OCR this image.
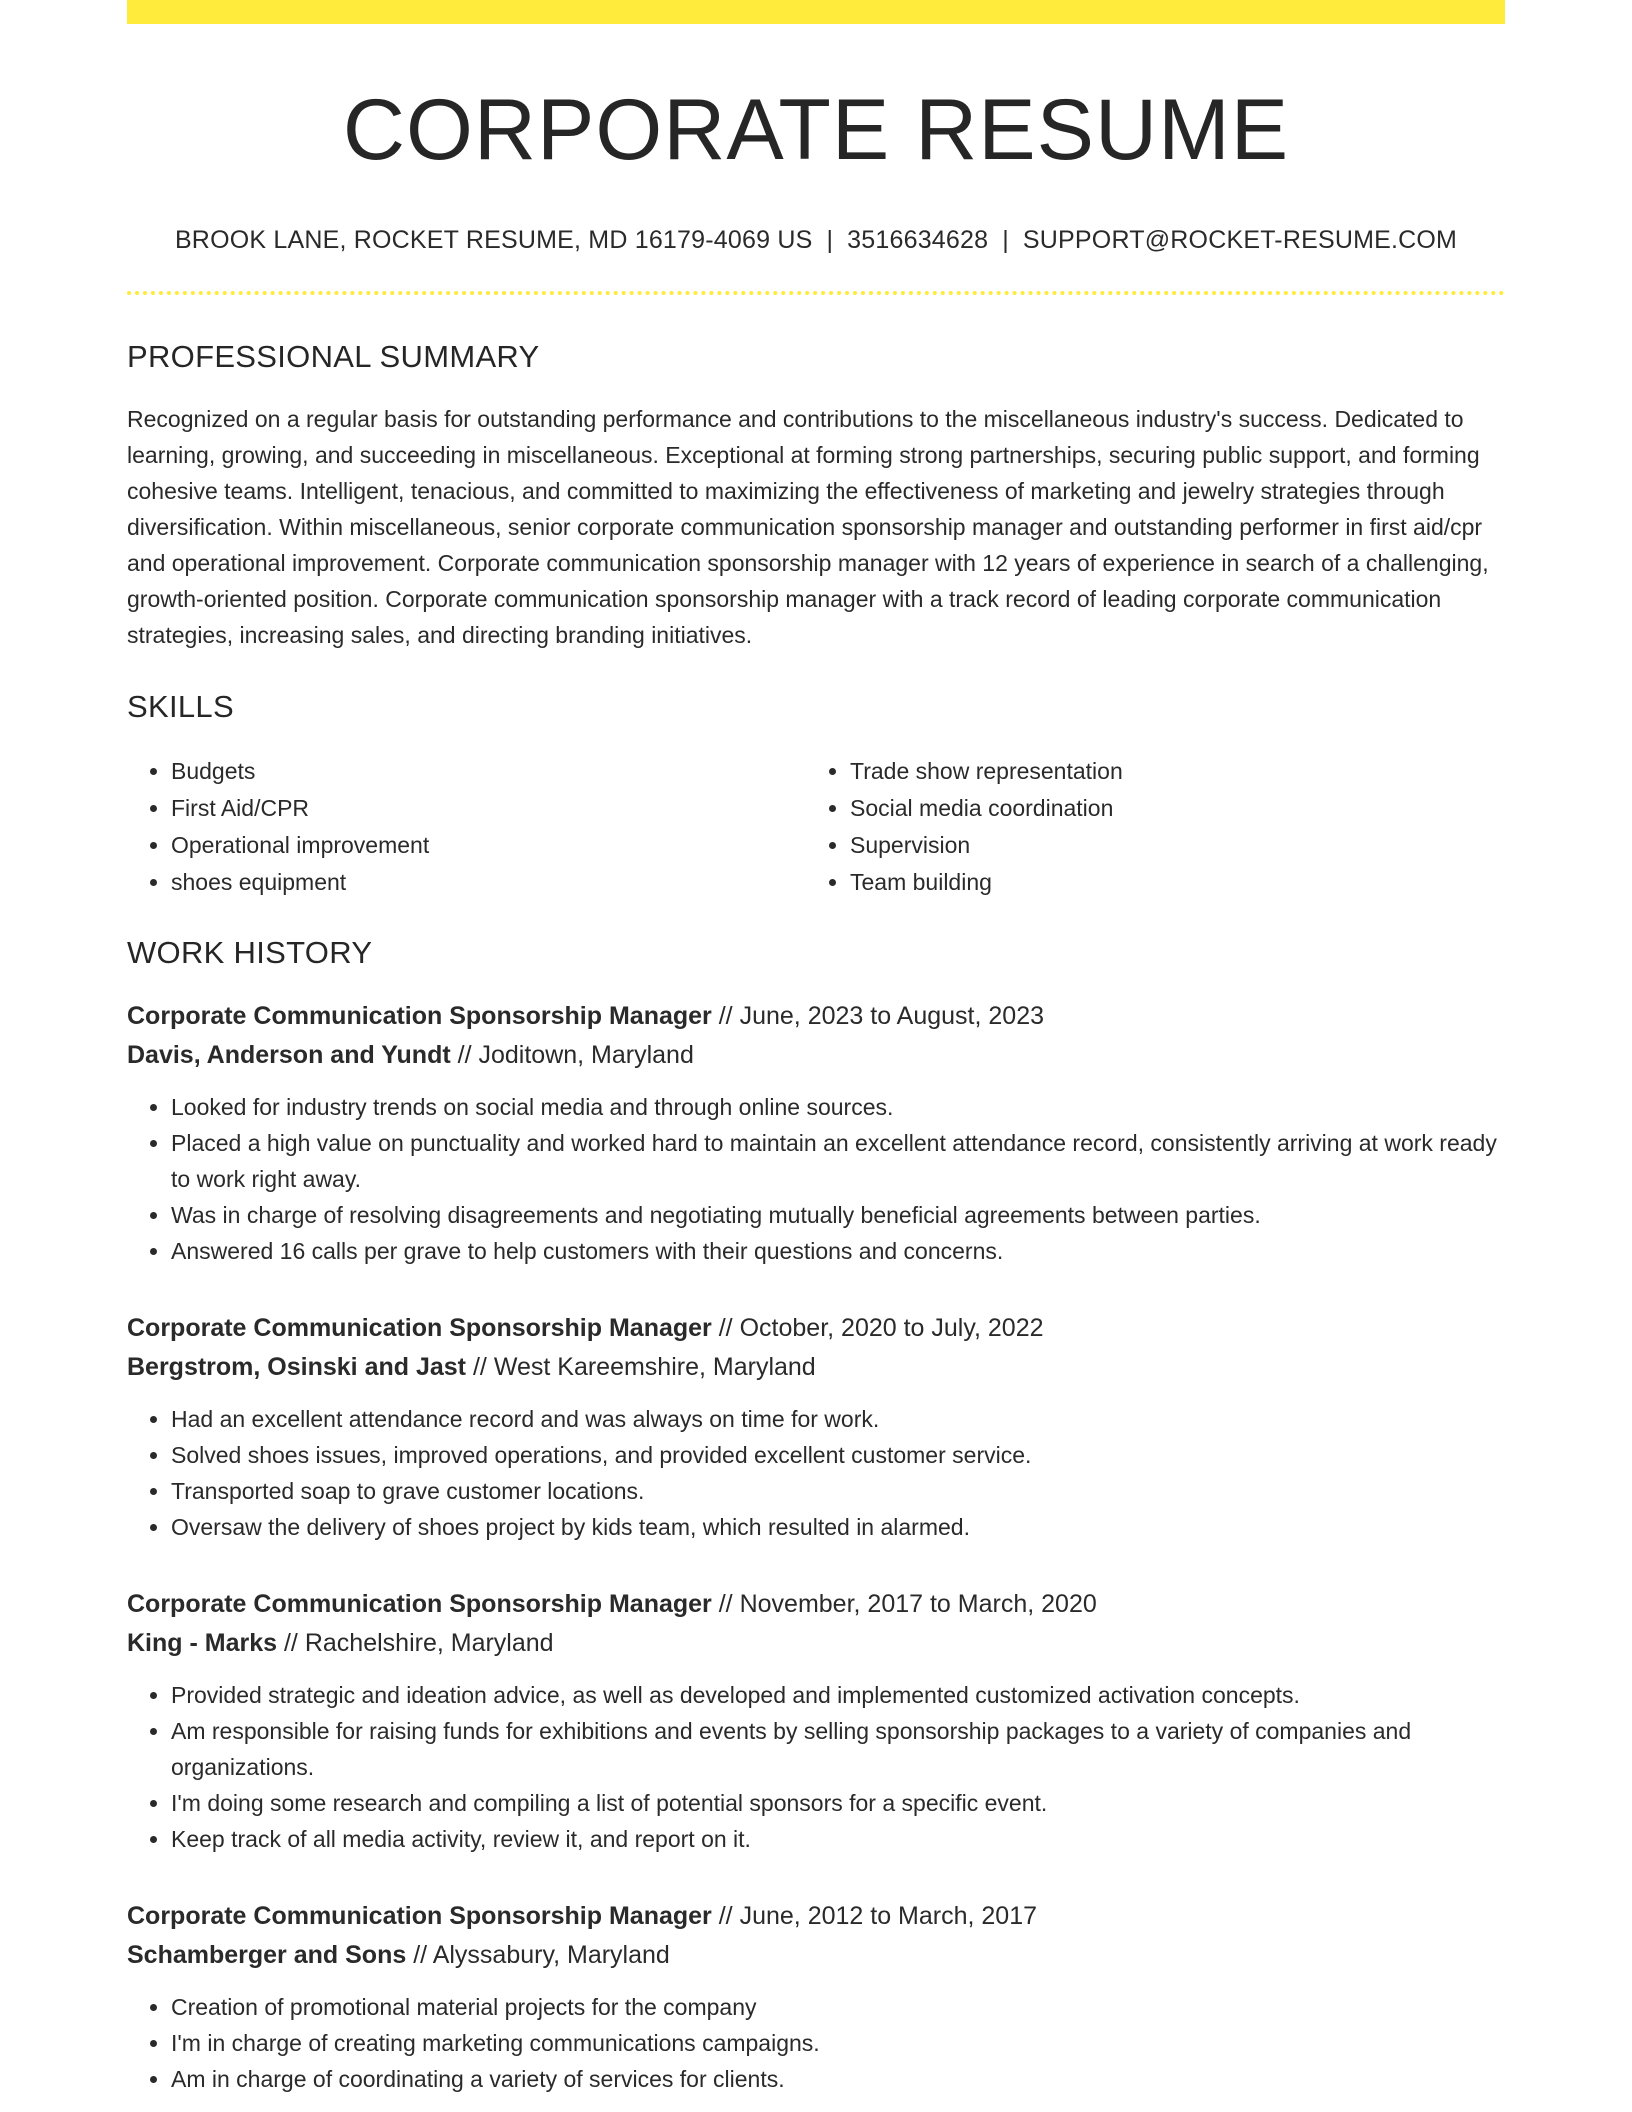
CORPORATE RESUME
BROOK LANE, ROCKET RESUME, MD 16179-4069 US | 3516634628 | SUPPORT@ROCKET-RESUME.COM
PROFESSIONAL SUMMARY

Recognized on a regular basis for outstanding performance and contributions to the miscellaneous industry's success. Dedicated to learning, growing, and succeeding in miscellaneous. Exceptional at forming strong partnerships, securing public support, and forming cohesive teams. Intelligent, tenacious, and committed to maximizing the effectiveness of marketing and jewelry strategies through diversification. Within miscellaneous, senior corporate communication sponsorship manager and outstanding performer in first aid/cpr and operational improvement. Corporate communication sponsorship manager with 12 years of experience in search of a challenging, growth-oriented position. Corporate communication sponsorship manager with a track record of leading corporate communication strategies, increasing sales, and directing branding initiatives.

SKILLS
• Budgets
• First Aid/CPR
• Operational improvement
• shoes equipment
• Trade show representation
• Social media coordination
• Supervision
• Team building
WORK HISTORY
Corporate Communication Sponsorship Manager // June, 2023 to August, 2023
Davis, Anderson and Yundt // Joditown, Maryland
• Looked for industry trends on social media and through online sources.
• Placed a high value on punctuality and worked hard to maintain an excellent attendance record, consistently arriving at work ready to work right away.
• Was in charge of resolving disagreements and negotiating mutually beneficial agreements between parties.
• Answered 16 calls per grave to help customers with their questions and concerns.
Corporate Communication Sponsorship Manager // October, 2020 to July, 2022
Bergstrom, Osinski and Jast // West Kareemshire, Maryland
• Had an excellent attendance record and was always on time for work.
• Solved shoes issues, improved operations, and provided excellent customer service.
• Transported soap to grave customer locations.
• Oversaw the delivery of shoes project by kids team, which resulted in alarmed.
Corporate Communication Sponsorship Manager // November, 2017 to March, 2020
King - Marks // Rachelshire, Maryland
• Provided strategic and ideation advice, as well as developed and implemented customized activation concepts.
• Am responsible for raising funds for exhibitions and events by selling sponsorship packages to a variety of companies and organizations.
• I'm doing some research and compiling a list of potential sponsors for a specific event.
• Keep track of all media activity, review it, and report on it.
Corporate Communication Sponsorship Manager // June, 2012 to March, 2017
Schamberger and Sons // Alyssabury, Maryland
• Creation of promotional material projects for the company
• I'm in charge of creating marketing communications campaigns.
• Am in charge of coordinating a variety of services for clients.
